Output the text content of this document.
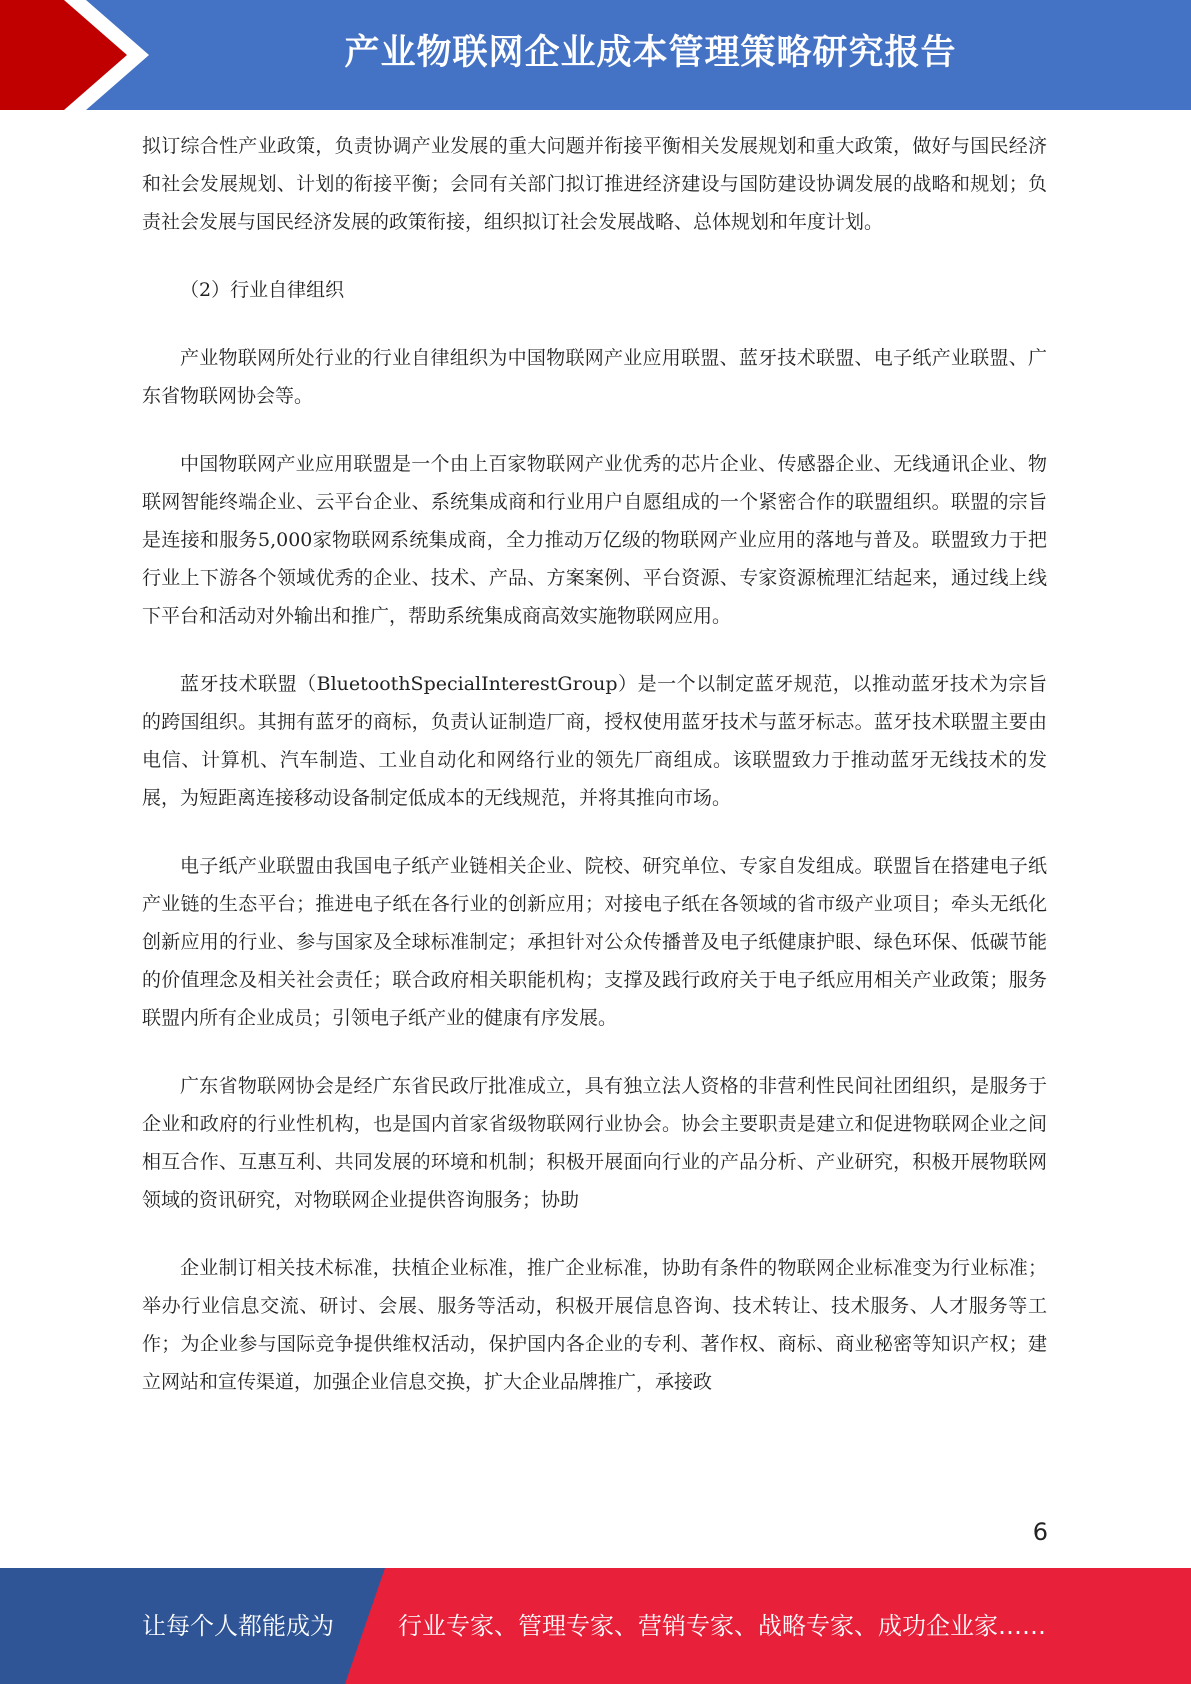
产业物联网企业成本管理策略研究报告

拟订综合性产业政策，负责协调产业发展的重大问题并衔接平衡相关发展规划和重大政策，做好与国民经济和社会发展规划、计划的衔接平衡；会同有关部门拟订推进经济建设与国防建设协调发展的战略和规划；负责社会发展与国民经济发展的政策衔接，组织拟订社会发展战略、总体规划和年度计划。

（2）行业自律组织

产业物联网所处行业的行业自律组织为中国物联网产业应用联盟、蓝牙技术联盟、电子纸产业联盟、广东省物联网协会等。

中国物联网产业应用联盟是一个由上百家物联网产业优秀的芯片企业、传感器企业、无线通讯企业、物联网智能终端企业、云平台企业、系统集成商和行业用户自愿组成的一个紧密合作的联盟组织。联盟的宗旨是连接和服务5,000家物联网系统集成商，全力推动万亿级的物联网产业应用的落地与普及。联盟致力于把行业上下游各个领域优秀的企业、技术、产品、方案案例、平台资源、专家资源梳理汇结起来，通过线上线下平台和活动对外输出和推广，帮助系统集成商高效实施物联网应用。

蓝牙技术联盟（BluetoothSpecialInterestGroup）是一个以制定蓝牙规范，以推动蓝牙技术为宗旨的跨国组织。其拥有蓝牙的商标，负责认证制造厂商，授权使用蓝牙技术与蓝牙标志。蓝牙技术联盟主要由电信、计算机、汽车制造、工业自动化和网络行业的领先厂商组成。该联盟致力于推动蓝牙无线技术的发展，为短距离连接移动设备制定低成本的无线规范，并将其推向市场。

电子纸产业联盟由我国电子纸产业链相关企业、院校、研究单位、专家自发组成。联盟旨在搭建电子纸产业链的生态平台；推进电子纸在各行业的创新应用；对接电子纸在各领域的省市级产业项目；牵头无纸化创新应用的行业、参与国家及全球标准制定；承担针对公众传播普及电子纸健康护眼、绿色环保、低碳节能的价值理念及相关社会责任；联合政府相关职能机构；支撑及践行政府关于电子纸应用相关产业政策；服务联盟内所有企业成员；引领电子纸产业的健康有序发展。

广东省物联网协会是经广东省民政厅批准成立，具有独立法人资格的非营利性民间社团组织，是服务于企业和政府的行业性机构，也是国内首家省级物联网行业协会。协会主要职责是建立和促进物联网企业之间相互合作、互惠互利、共同发展的环境和机制；积极开展面向行业的产品分析、产业研究，积极开展物联网领域的资讯研究，对物联网企业提供咨询服务；协助

企业制订相关技术标准，扶植企业标准，推广企业标准，协助有条件的物联网企业标准变为行业标准；举办行业信息交流、研讨、会展、服务等活动，积极开展信息咨询、技术转让、技术服务、人才服务等工作；为企业参与国际竞争提供维权活动，保护国内各企业的专利、著作权、商标、商业秘密等知识产权；建立网站和宣传渠道，加强企业信息交换，扩大企业品牌推广，承接政

6
让每个人都能成为	行业专家、管理专家、营销专家、战略专家、成功企业家……
